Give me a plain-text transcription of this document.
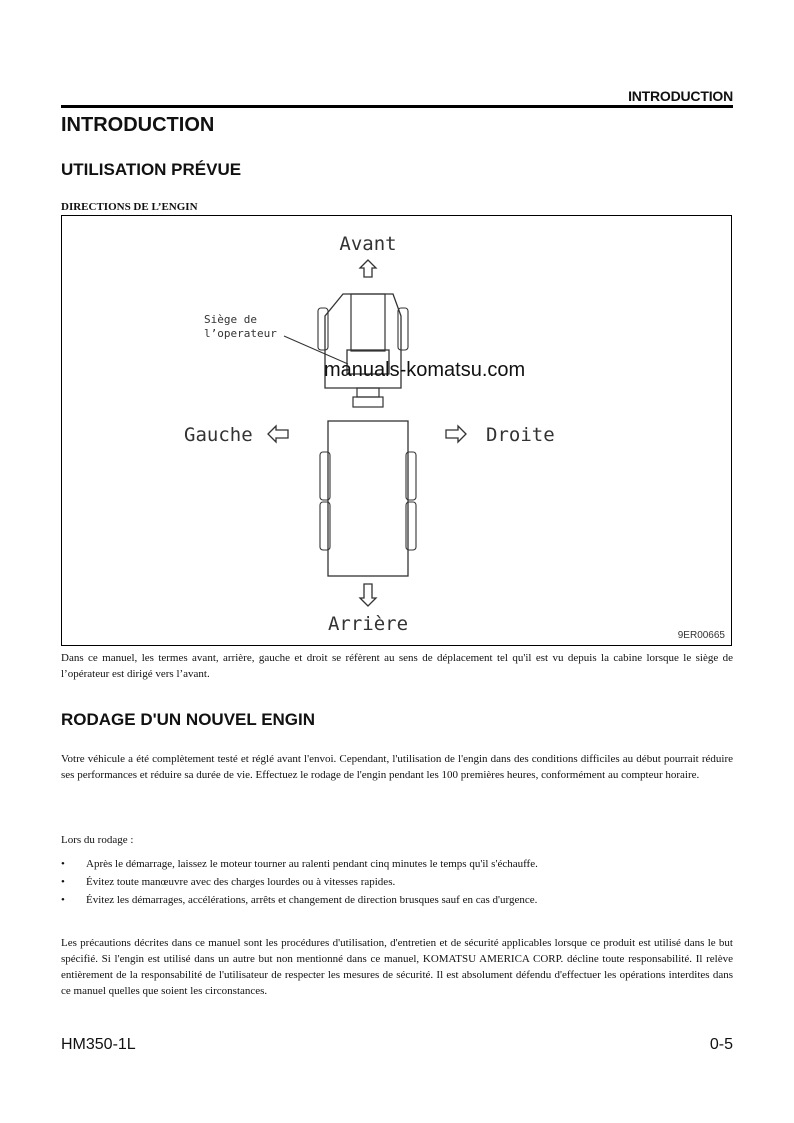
INTRODUCTION
INTRODUCTION
UTILISATION PRÉVUE
DIRECTIONS DE L’ENGIN
Avant
Siège de
l’operateur
Gauche	Droite
Arrière
manuals-komatsu.com
9ER00665
Dans ce manuel, les termes avant, arrière, gauche et droit se réfèrent au sens de déplacement tel qu'il est vu depuis la cabine lorsque le siège de l’opérateur est dirigé vers l’avant.
RODAGE D'UN NOUVEL ENGIN
Votre véhicule a été complètement testé et réglé avant l'envoi. Cependant, l'utilisation de l'engin dans des conditions difficiles au début pourrait réduire ses performances et réduire sa durée de vie. Effectuez le rodage de l'engin pendant les 100 premières heures, conformément au compteur horaire.
Lors du rodage :
• Après le démarrage, laissez le moteur tourner au ralenti pendant cinq minutes le temps qu'il s'échauffe.
• Évitez toute manœuvre avec des charges lourdes ou à vitesses rapides.
• Évitez les démarrages, accélérations, arrêts et changement de direction brusques sauf en cas d'urgence.
Les précautions décrites dans ce manuel sont les procédures d'utilisation, d'entretien et de sécurité applicables lorsque ce produit est utilisé dans le but spécifié. Si l'engin est utilisé dans un autre but non mentionné dans ce manuel, KOMATSU AMERICA CORP. décline toute responsabilité. Il relève entièrement de la responsabilité de l'utilisateur de respecter les mesures de sécurité. Il est absolument défendu d'effectuer les opérations interdites dans ce manuel quelles que soient les circonstances.
HM350-1L	0-5
